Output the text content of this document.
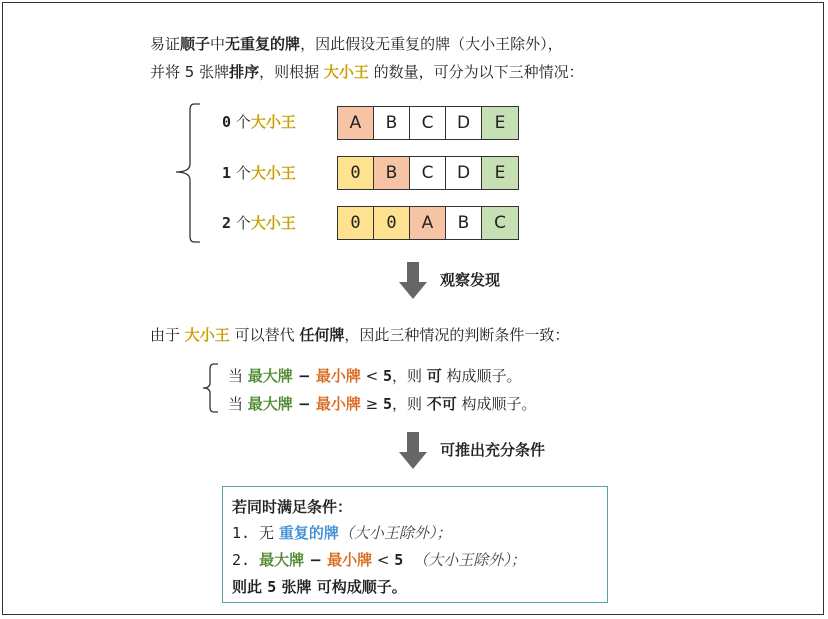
易证顺子中无重复的牌，因此假设无重复的牌（大小王除外），
并将 5 张牌排序，则根据 大小王 的数量，可分为以下三种情况：
0 个大小王	A	B	C	D	E
1 个大小王	0	B	C	D	E
2 个大小王	0	0	A	B	C
观察发现
由于 大小王 可以替代 任何牌，因此三种情况的判断条件一致：
当 最大牌 − 最小牌 < 5，则 可 构成顺子。
当 最大牌 − 最小牌 ≥ 5，则 不可 构成顺子。
可推出充分条件
若同时满足条件：
1. 无 重复的牌（大小王除外）；
2. 最大牌 − 最小牌 < 5 （大小王除外）；
则此 5 张牌 可构成顺子。
